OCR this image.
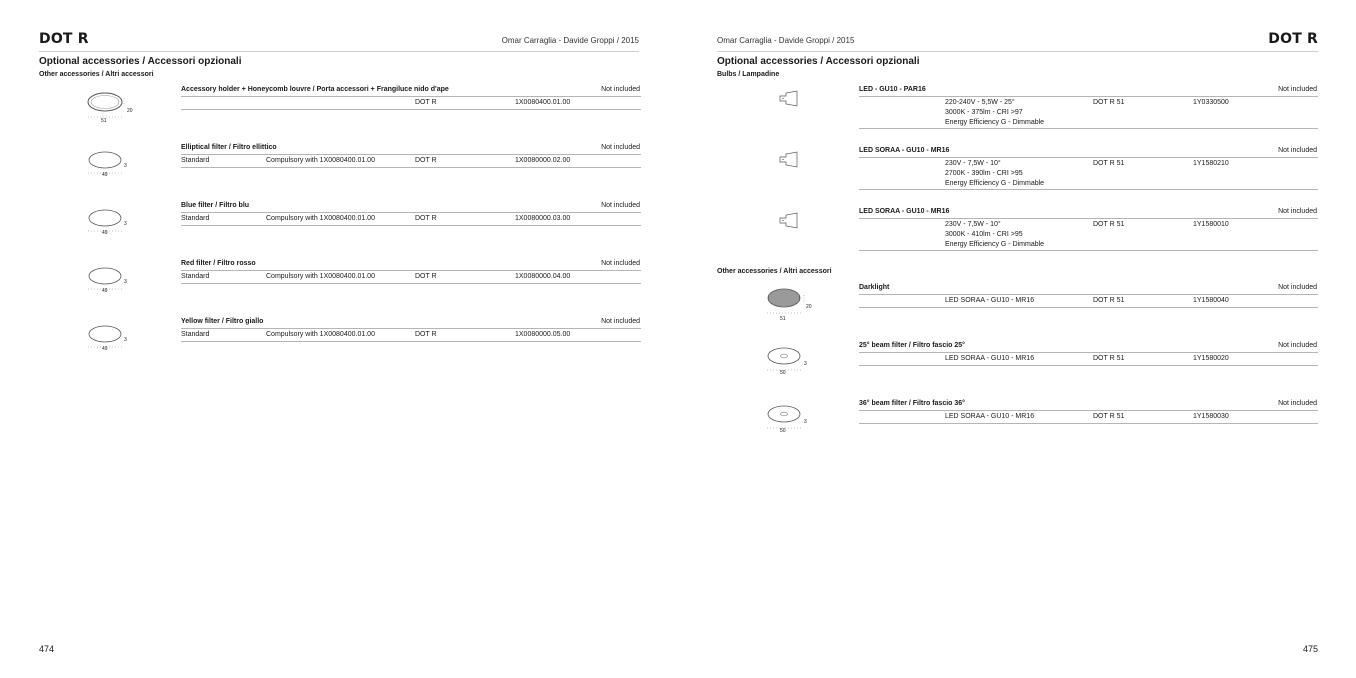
DOT R	Omar Carraglia - Davide Groppi / 2015
Optional accessories / Accessori opzionali
Other accessories / Altri accessori
51
20
Accessory holder + Honeycomb louvre / Porta accessori + Frangiluce nido d'ape	Not included
DOT R	1X0080400.01.00
49
3
Elliptical filter / Filtro ellittico	Not included
Standard	Compulsory with 1X0080400.01.00	DOT R	1X0080000.02.00
49
3
Blue filter / Filtro blu	Not included
Standard	Compulsory with 1X0080400.01.00	DOT R	1X0080000.03.00
49
3
Red filter / Filtro rosso	Not included
Standard	Compulsory with 1X0080400.01.00	DOT R	1X0080000.04.00
49
3
Yellow filter / Filtro giallo	Not included
Standard	Compulsory with 1X0080400.01.00	DOT R	1X0080000.05.00
474
Omar Carraglia - Davide Groppi / 2015	DOT R
Optional accessories / Accessori opzionali
Bulbs / Lampadine
LED - GU10 - PAR16	Not included
220-240V - 5,5W - 25°
3000K - 375lm - CRI >97
Energy Efficiency G - Dimmable
DOT R 51	1Y0330500
LED SORAA - GU10 - MR16	Not included
230V - 7,5W - 10°
2700K - 390lm - CRI >95
Energy Efficiency G - Dimmable
DOT R 51	1Y1580210
LED SORAA - GU10 - MR16	Not included
230V - 7,5W - 10°
3000K - 410lm - CRI >95
Energy Efficiency G - Dimmable
DOT R 51	1Y1580010
Other accessories / Altri accessori
51
20
Darklight	Not included
LED SORAA - GU10 - MR16	DOT R 51	1Y1580040
50
3
25° beam filter / Filtro fascio 25°	Not included
LED SORAA - GU10 - MR16	DOT R 51	1Y1580020
50
3
36° beam filter / Filtro fascio 36°	Not included
LED SORAA - GU10 - MR16	DOT R 51	1Y1580030
475
